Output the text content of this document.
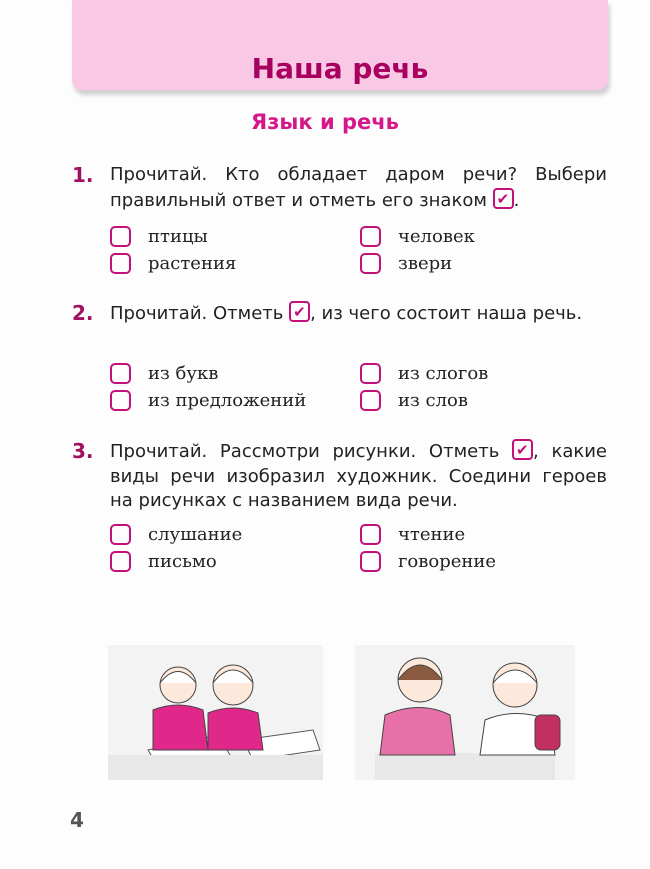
Наша речь
Язык и речь
1. Прочитай. Кто обладает даром речи? Выбери правильный ответ и отметь его знаком ✔.
птицы
растения
человек
звери
2. Прочитай. Отметь ✔, из чего состоит наша речь.
из букв
из предложений
из слогов
из слов
3. Прочитай. Рассмотри рисунки. Отметь ✔, какие виды речи изобразил художник. Соедини героев на рисунках с названием вида речи.
слушание
письмо
чтение
говорение
4
